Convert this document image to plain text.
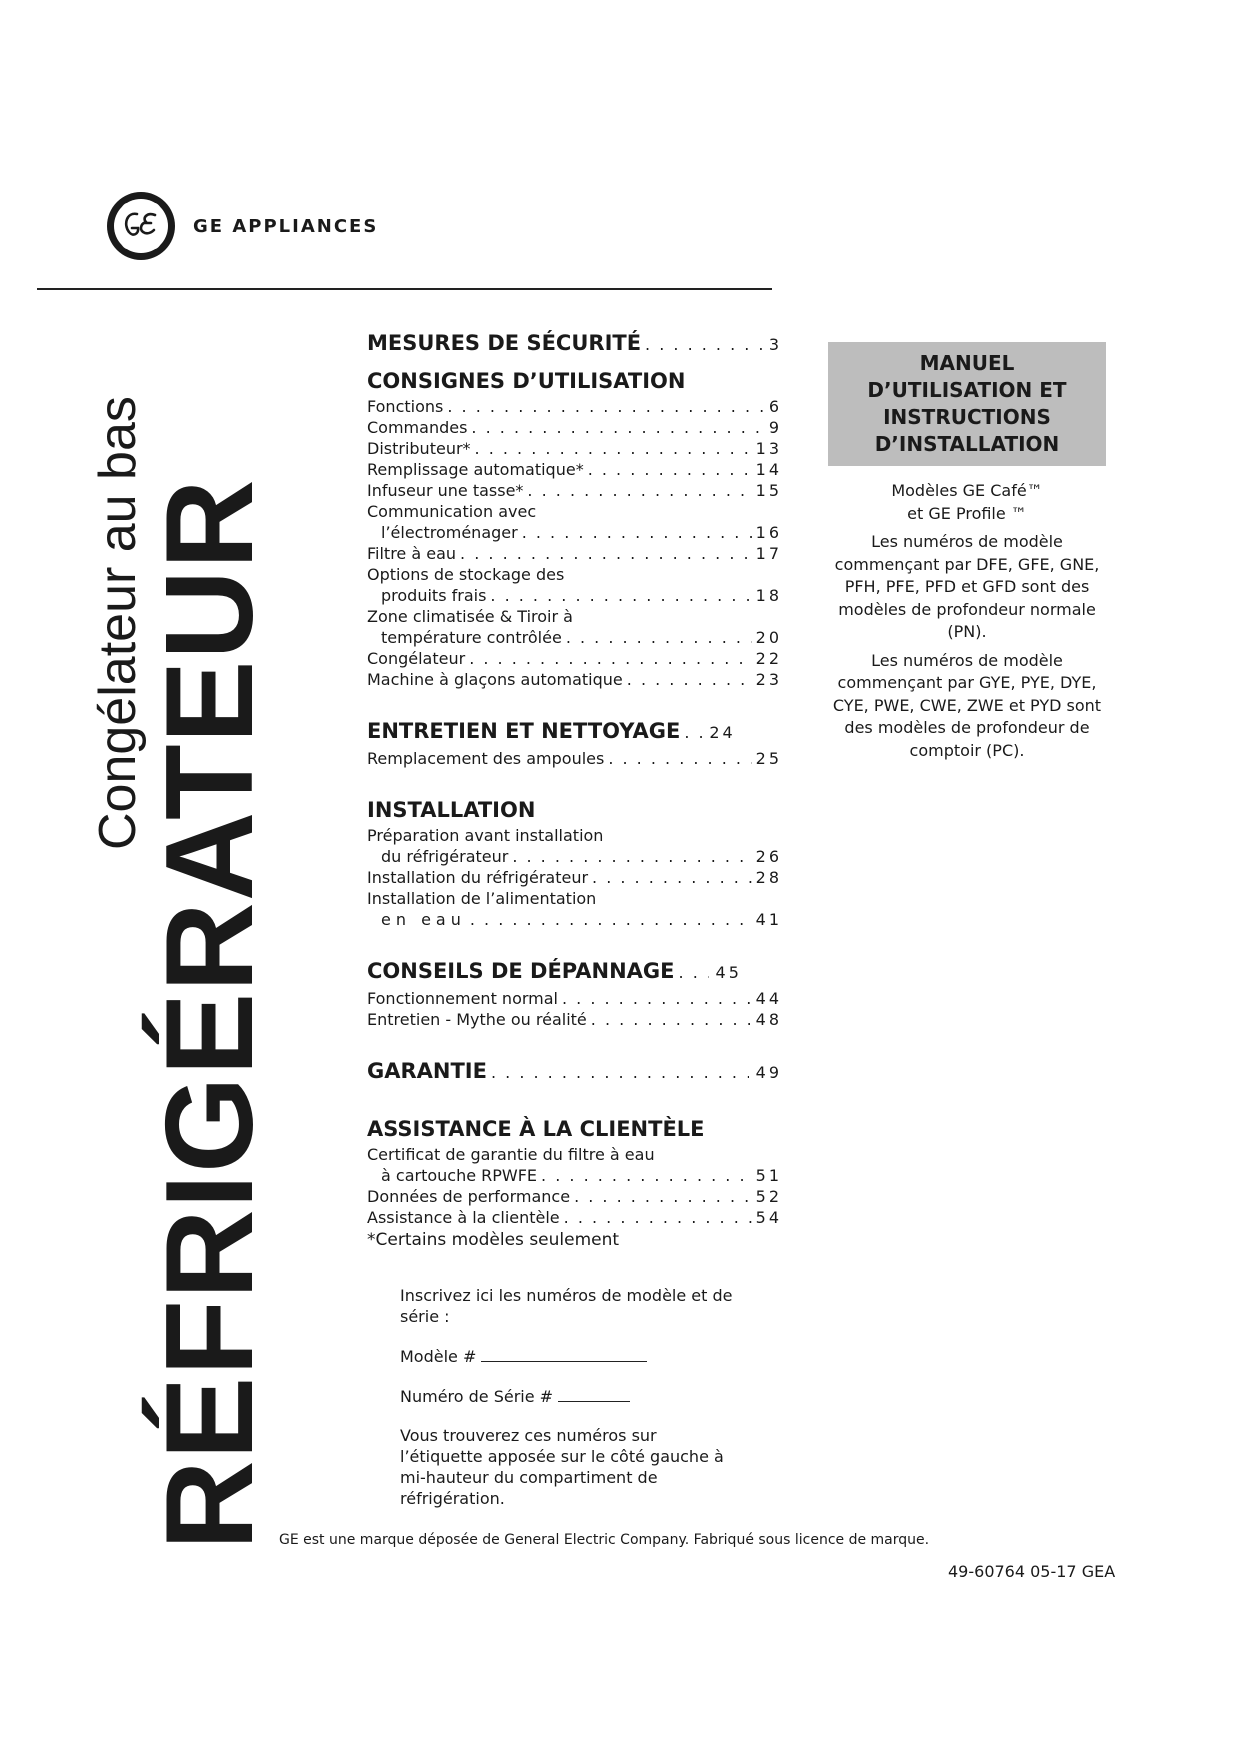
GE APPLIANCES
RÉFRIGÉRATEUR
Congélateur au bas
MESURES DE SÉCURITÉ . . .	3
CONSIGNES D’UTILISATION
Fonctions . . .	6
Commandes . . .	9
Distributeur* . . .	13
Remplissage automatique* . . .	14
Infuseur une tasse* . . .	15
Communication avec
l’électroménager . . .	16
Filtre à eau . . .	17
Options de stockage des
produits frais . . .	18
Zone climatisée & Tiroir à
température contrôlée . . .	20
Congélateur . . .	22
Machine à glaçons automatique . . .	23
ENTRETIEN ET NETTOYAGE . . . 24
Remplacement des ampoules . . .	25
INSTALLATION
Préparation avant installation
du réfrigérateur . . .	26
Installation du réfrigérateur . . .	28
Installation de l’alimentation
en eau . . .	41
CONSEILS DE DÉPANNAGE . . .	45
Fonctionnement normal . . .	44
Entretien - Mythe ou réalité . . .	48
GARANTIE . . .	49
ASSISTANCE À LA CLIENTÈLE
Certificat de garantie du filtre à eau
à cartouche RPWFE . . .	51
Données de performance . . .	52
Assistance à la clientèle . . .	54
*Certains modèles seulement

Inscrivez ici les numéros de modèle et de série :

Modèle #

Numéro de Série #

Vous trouverez ces numéros sur l’étiquette apposée sur le côté gauche à mi-hauteur du compartiment de réfrigération.

MANUEL
D’UTILISATION ET
INSTRUCTIONS
D’INSTALLATION

Modèles GE Café™ et GE Profile ™

Les numéros de modèle commençant par DFE, GFE, GNE, PFH, PFE, PFD et GFD sont des modèles de profondeur normale (PN).

Les numéros de modèle commençant par GYE, PYE, DYE, CYE, PWE, CWE, ZWE et PYD sont des modèles de profondeur de comptoir (PC).

GE est une marque déposée de General Electric Company. Fabriqué sous licence de marque.
49-60764 05-17 GEA
